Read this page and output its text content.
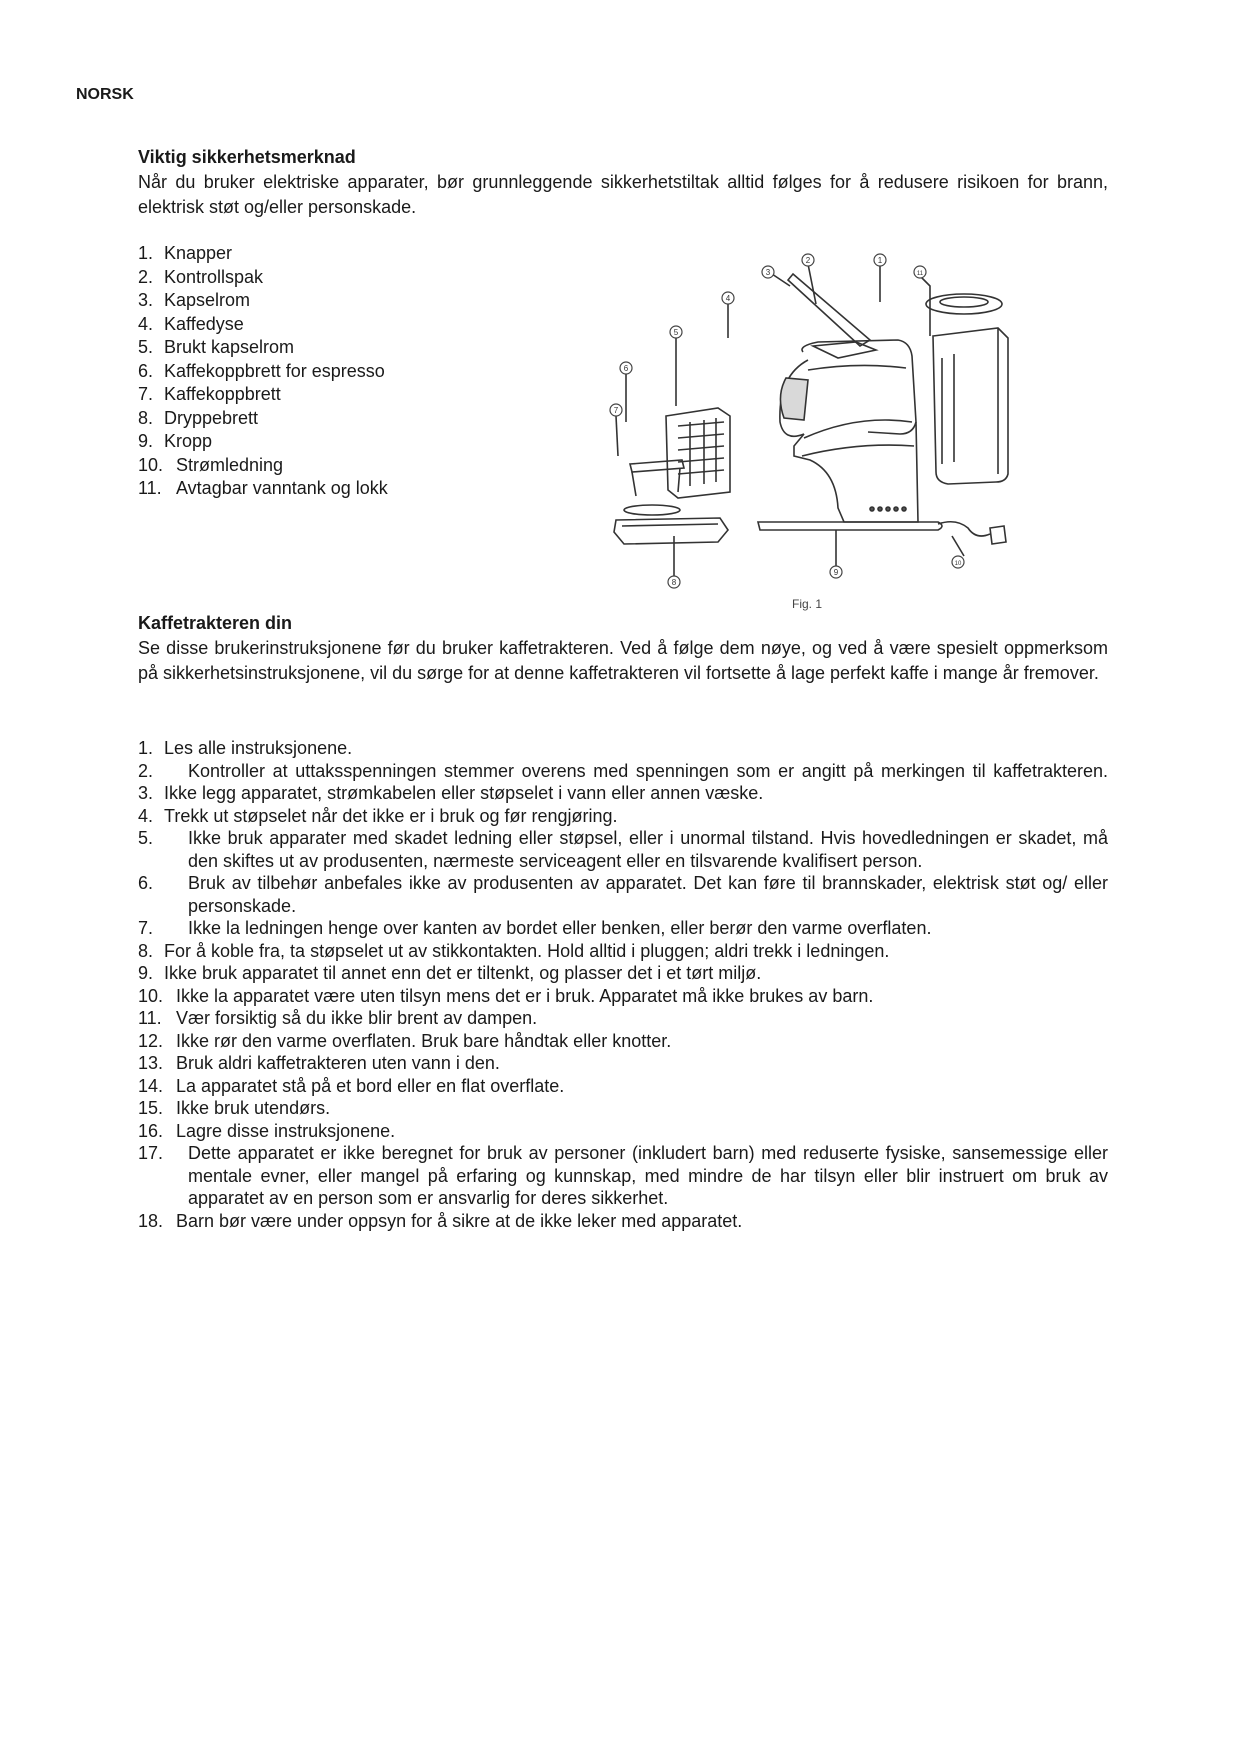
NORSK
Viktig sikkerhetsmerknad
Når du bruker elektriske apparater, bør grunnleggende sikkerhetstiltak alltid følges for å redusere risikoen for brann, elektrisk støt og/eller personskade.
1. Knapper
2. Kontrollspak
3. Kapselrom
4. Kaffedyse
5. Brukt kapselrom
6. Kaffekoppbrett for espresso
7. Kaffekoppbrett
8. Dryppebrett
9. Kropp
10. Strømledning
11. Avtagbar vanntank og lokk
1
2
3
4
5
6
7
8
9
10
11
Fig. 1
Kaffetrakteren din
Se disse brukerinstruksjonene før du bruker kaffetrakteren. Ved å følge dem nøye, og ved å være spesielt oppmerksom på sikkerhetsinstruksjonene, vil du sørge for at denne kaffetrakteren vil fortsette å lage perfekt kaffe i mange år fremover.
1. Les alle instruksjonene.
2.	Kontroller at uttaksspenningen stemmer overens med spenningen som er angitt på merkingen til kaffetrakteren.
3. Ikke legg apparatet, strømkabelen eller støpselet i vann eller annen væske.
4. Trekk ut støpselet når det ikke er i bruk og før rengjøring.
5.	Ikke bruk apparater med skadet ledning eller støpsel, eller i unormal tilstand. Hvis hovedledningen er skadet, må den skiftes ut av produsenten, nærmeste serviceagent eller en tilsvarende kvalifisert person.
6.	Bruk av tilbehør anbefales ikke av produsenten av apparatet. Det kan føre til brannskader, elektrisk støt og/ eller personskade.
7.	Ikke la ledningen henge over kanten av bordet eller benken, eller berør den varme overflaten.
8. For å koble fra, ta støpselet ut av stikkontakten. Hold alltid i pluggen; aldri trekk i ledningen.
9. Ikke bruk apparatet til annet enn det er tiltenkt, og plasser det i et tørt miljø.
10. Ikke la apparatet være uten tilsyn mens det er i bruk. Apparatet må ikke brukes av barn.
11. Vær forsiktig så du ikke blir brent av dampen.
12. Ikke rør den varme overflaten. Bruk bare håndtak eller knotter.
13. Bruk aldri kaffetrakteren uten vann i den.
14. La apparatet stå på et bord eller en flat overflate.
15. Ikke bruk utendørs.
16. Lagre disse instruksjonene.
17.	Dette apparatet er ikke beregnet for bruk av personer (inkludert barn) med reduserte fysiske, sansemessige eller mentale evner, eller mangel på erfaring og kunnskap, med mindre de har tilsyn eller blir instruert om bruk av apparatet av en person som er ansvarlig for deres sikkerhet.
18. Barn bør være under oppsyn for å sikre at de ikke leker med apparatet.
